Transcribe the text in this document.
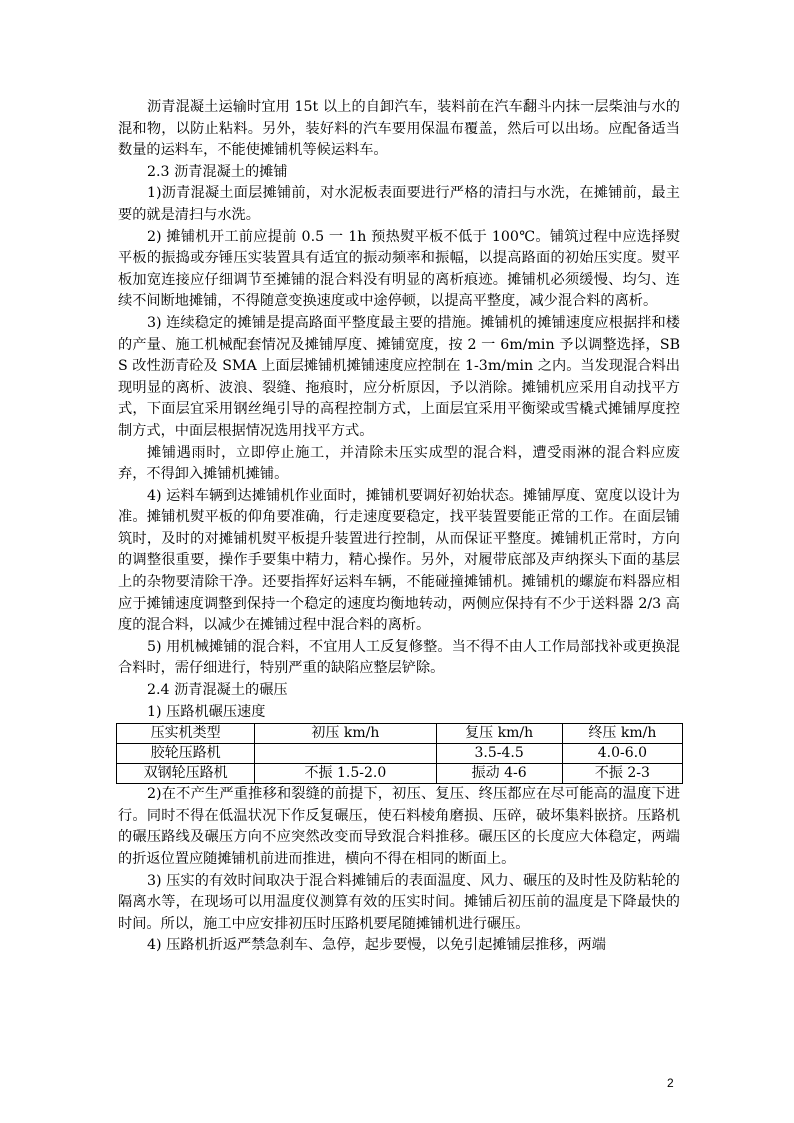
沥青混凝土运输时宜用 15t 以上的自卸汽车，装料前在汽车翻斗内抹一层柴油与水的混和物，以防止粘料。另外，装好料的汽车要用保温布覆盖，然后可以出场。应配备适当数量的运料车，不能使摊铺机等候运料车。

2.3 沥青混凝土的摊铺

1)沥青混凝土面层摊铺前，对水泥板表面要进行严格的清扫与水洗，在摊铺前，最主要的就是清扫与水洗。

2) 摊铺机开工前应提前 0.5 一 1h 预热熨平板不低于 100℃。铺筑过程中应选择熨平板的振捣或夯锤压实装置具有适宜的振动频率和振幅，以提高路面的初始压实度。熨平板加宽连接应仔细调节至摊铺的混合料没有明显的离析痕迹。摊铺机必须缓慢、均匀、连续不间断地摊铺，不得随意变换速度或中途停顿，以提高平整度，减少混合料的离析。

3) 连续稳定的摊铺是提高路面平整度最主要的措施。摊铺机的摊铺速度应根据拌和楼的产量、施工机械配套情况及摊铺厚度、摊铺宽度，按 2 一 6m/min 予以调整选择，SBS 改性沥青砼及 SMA 上面层摊铺机摊铺速度应控制在 1-3m/min 之内。当发现混合料出现明显的离析、波浪、裂缝、拖痕时，应分析原因，予以消除。摊铺机应采用自动找平方式，下面层宜采用钢丝绳引导的高程控制方式，上面层宜采用平衡梁或雪橇式摊铺厚度控制方式，中面层根据情况选用找平方式。

摊铺遇雨时，立即停止施工，并清除未压实成型的混合料，遭受雨淋的混合料应废弃，不得卸入摊铺机摊铺。

4) 运料车辆到达摊铺机作业面时，摊铺机要调好初始状态。摊铺厚度、宽度以设计为准。摊铺机熨平板的仰角要准确，行走速度要稳定，找平装置要能正常的工作。在面层铺筑时，及时的对摊铺机熨平板提升装置进行控制，从而保证平整度。摊铺机正常时，方向的调整很重要，操作手要集中精力，精心操作。另外，对履带底部及声纳探头下面的基层上的杂物要清除干净。还要指挥好运料车辆，不能碰撞摊铺机。摊铺机的螺旋布料器应相应于摊铺速度调整到保持一个稳定的速度均衡地转动，两侧应保持有不少于送料器 2/3 高度的混合料，以减少在摊铺过程中混合料的离析。

5) 用机械摊铺的混合料，不宜用人工反复修整。当不得不由人工作局部找补或更换混合料时，需仔细进行，特别严重的缺陷应整层铲除。

2.4 沥青混凝土的碾压

1) 压路机碾压速度

压实机类型	初压 km/h	复压 km/h	终压 km/h
胶轮压路机		3.5-4.5	4.0-6.0
双钢轮压路机	不振 1.5-2.0	振动 4-6	不振 2-3

2)在不产生严重推移和裂缝的前提下，初压、复压、终压都应在尽可能高的温度下进行。同时不得在低温状况下作反复碾压，使石料棱角磨损、压碎，破坏集料嵌挤。压路机的碾压路线及碾压方向不应突然改变而导致混合料推移。碾压区的长度应大体稳定，两端的折返位置应随摊铺机前进而推进，横向不得在相同的断面上。

3) 压实的有效时间取决于混合料摊铺后的表面温度、风力、碾压的及时性及防粘轮的隔离水等，在现场可以用温度仪测算有效的压实时间。摊铺后初压前的温度是下降最快的时间。所以，施工中应安排初压时压路机要尾随摊铺机进行碾压。

4) 压路机折返严禁急刹车、急停，起步要慢，以免引起摊铺层推移，两端

2
